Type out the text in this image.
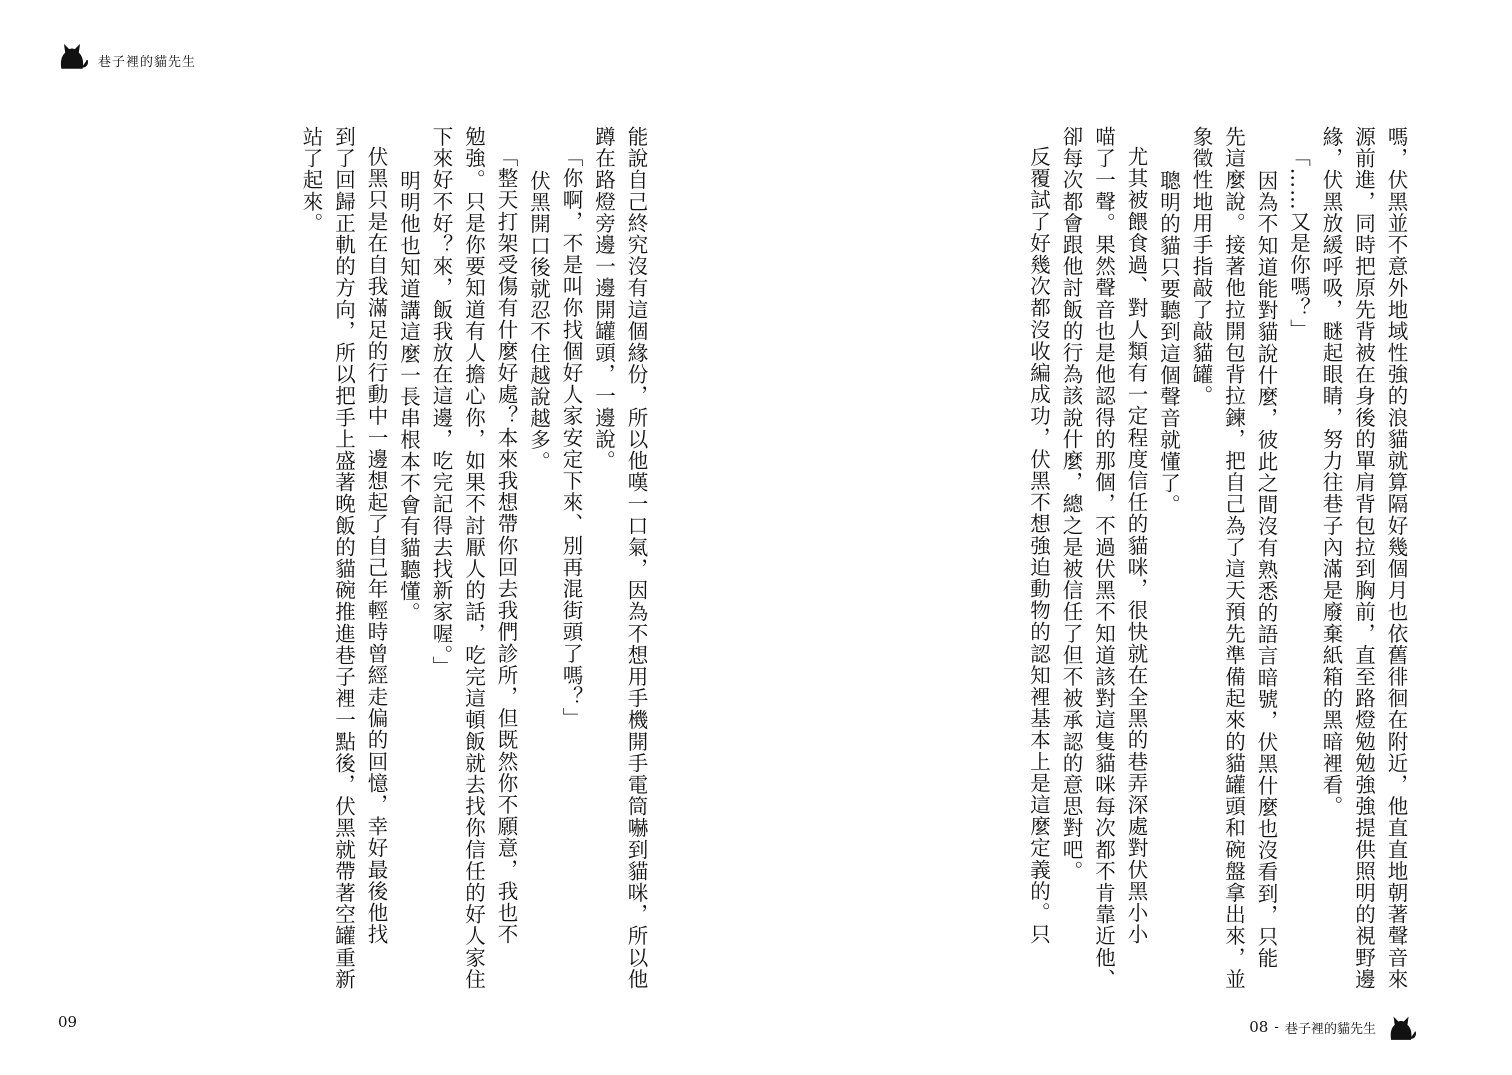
巷子裡的貓先生

嗎，伏黑並不意外地域性強的浪貓就算隔好幾個月也依舊徘徊在附近，他直直地朝著聲音來

源前進，同時把原先背被在身後的單肩背包拉到胸前，直至路燈勉勉強強提供照明的視野邊

緣，伏黑放緩呼吸，瞇起眼睛，努力往巷子內滿是廢棄紙箱的黑暗裡看。

「……又是你嗎？」

因為不知道能對貓說什麼，彼此之間沒有熟悉的語言暗號，伏黑什麼也沒看到，只能

先這麼說。接著他拉開包背拉鍊，把自己為了這天預先準備起來的貓罐頭和碗盤拿出來，並

象徵性地用手指敲了敲貓罐。

聰明的貓只要聽到這個聲音就懂了。

尤其被餵食過、對人類有一定程度信任的貓咪，很快就在全黑的巷弄深處對伏黑小小

喵了一聲。果然聲音也是他認得的那個，不過伏黑不知道該對這隻貓咪每次都不肯靠近他、

卻每次都會跟他討飯的行為該說什麼，總之是被信任了但不被承認的意思對吧。

反覆試了好幾次都沒收編成功，伏黑不想強迫動物的認知裡基本上是這麼定義的。只

能說自己終究沒有這個緣份，所以他嘆一口氣，因為不想用手機開手電筒嚇到貓咪，所以他

蹲在路燈旁邊一邊開罐頭，一邊說。

「你啊，不是叫你找個好人家安定下來、別再混街頭了嗎？」

伏黑開口後就忍不住越說越多。

「整天打架受傷有什麼好處？本來我想帶你回去我們診所，但既然你不願意，我也不

勉強。只是你要知道有人擔心你，如果不討厭人的話，吃完這頓飯就去找你信任的好人家住

下來好不好？來，飯我放在這邊，吃完記得去找新家喔。」

明明他也知道講這麼一長串根本不會有貓聽懂。

伏黑只是在自我滿足的行動中一邊想起了自己年輕時曾經走偏的回憶，幸好最後他找

到了回歸正軌的方向，所以把手上盛著晚飯的貓碗推進巷子裡一點後，伏黑就帶著空罐重新

站了起來。

09	08 - 巷子裡的貓先生
